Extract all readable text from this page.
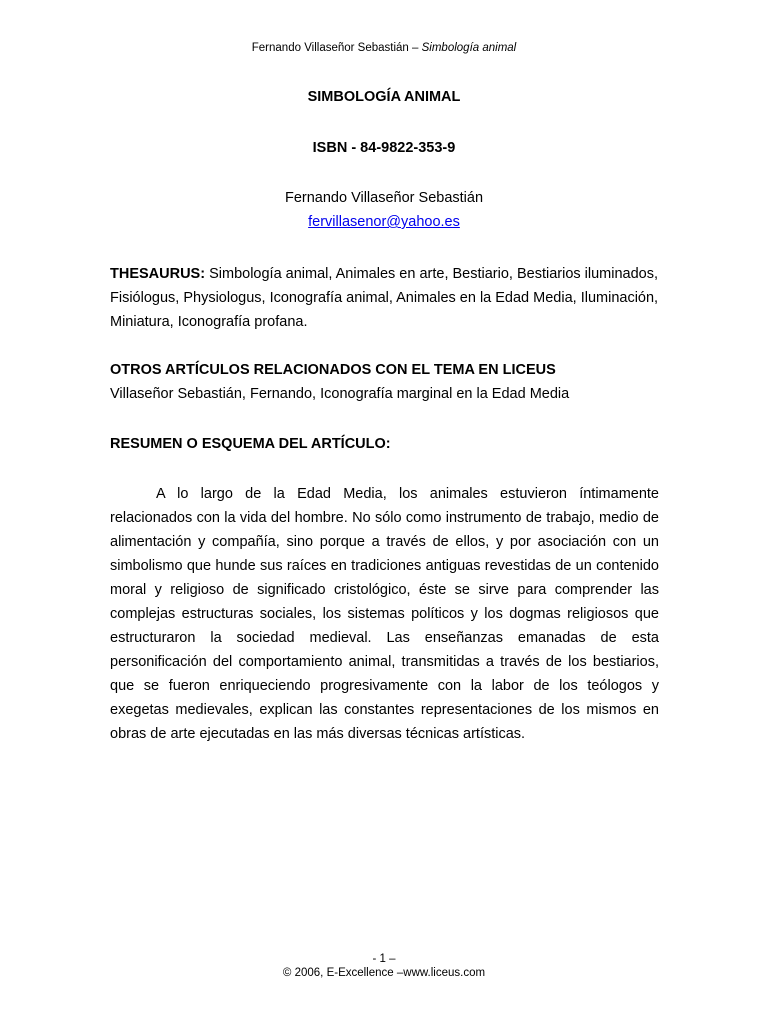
Fernando Villaseñor Sebastián – Simbología animal
SIMBOLOGÍA ANIMAL
ISBN - 84-9822-353-9
Fernando Villaseñor Sebastián
fervillasenor@yahoo.es
THESAURUS: Simbología animal, Animales en arte, Bestiario, Bestiarios iluminados, Fisiólogus, Physiologus, Iconografía animal, Animales en la Edad Media, Iluminación, Miniatura, Iconografía profana.
OTROS ARTÍCULOS RELACIONADOS CON EL TEMA EN LICEUS
Villaseñor Sebastián, Fernando, Iconografía marginal en la Edad Media
RESUMEN O ESQUEMA DEL ARTÍCULO:
A lo largo de la Edad Media, los animales estuvieron íntimamente relacionados con la vida del hombre. No sólo como instrumento de trabajo, medio de alimentación y compañía, sino porque a través de ellos, y por asociación con un simbolismo que hunde sus raíces en tradiciones antiguas revestidas de un contenido moral y religioso de significado cristológico, éste se sirve para comprender las complejas estructuras sociales, los sistemas políticos y los dogmas religiosos que estructuraron la sociedad medieval. Las enseñanzas emanadas de esta personificación del comportamiento animal, transmitidas a través de los bestiarios, que se fueron enriqueciendo progresivamente con la labor de los teólogos y exegetas medievales, explican las constantes representaciones de los mismos en obras de arte ejecutadas en las más diversas técnicas artísticas.
- 1 –
© 2006, E-Excellence –www.liceus.com
